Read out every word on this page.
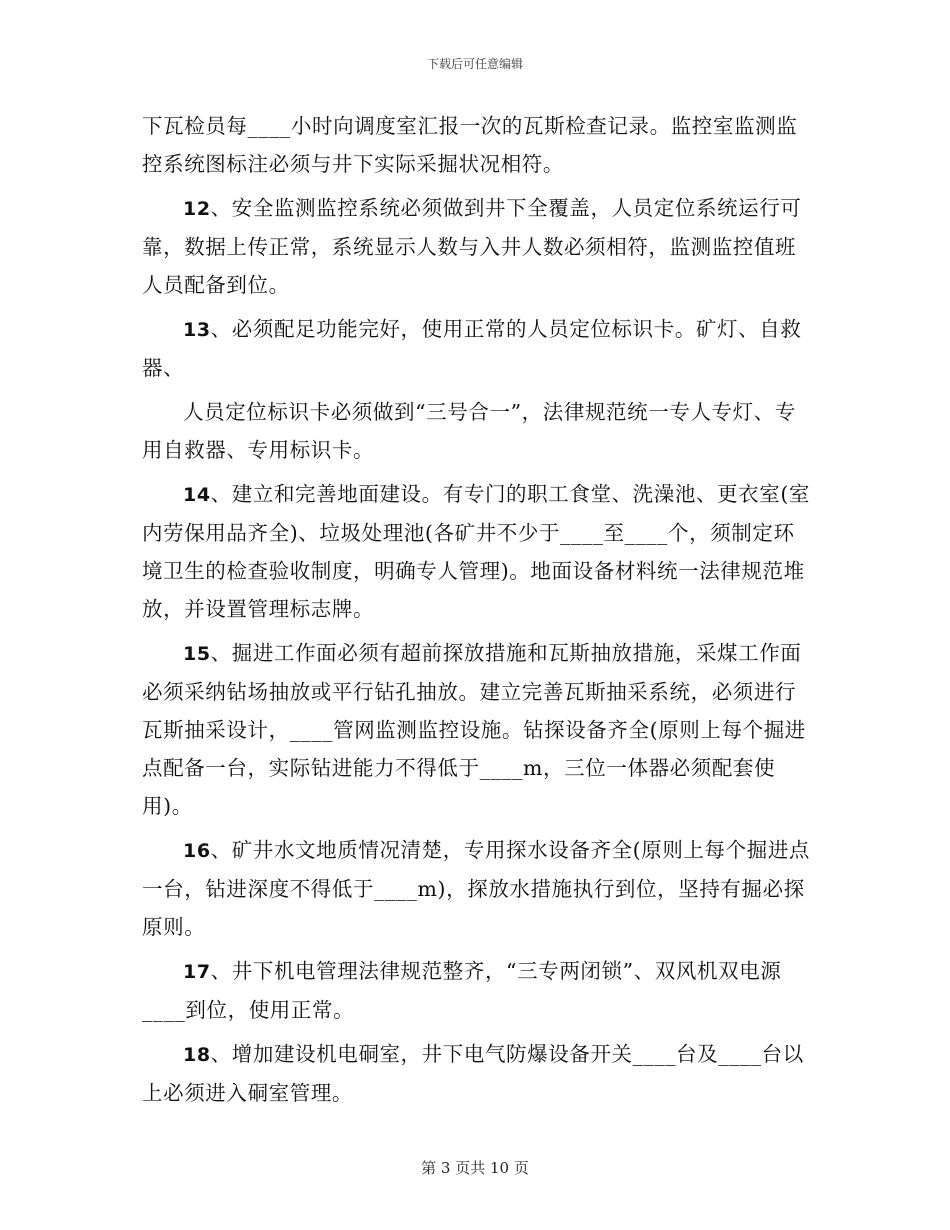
下载后可任意编辑

下瓦检员每____小时向调度室汇报一次的瓦斯检查记录。监控室监测监控系统图标注必须与井下实际采掘状况相符。

12、安全监测监控系统必须做到井下全覆盖，人员定位系统运行可靠，数据上传正常，系统显示人数与入井人数必须相符，监测监控值班人员配备到位。

13、必须配足功能完好，使用正常的人员定位标识卡。矿灯、自救器、

人员定位标识卡必须做到“三号合一”，法律规范统一专人专灯、专用自救器、专用标识卡。

14、建立和完善地面建设。有专门的职工食堂、洗澡池、更衣室(室内劳保用品齐全)、垃圾处理池(各矿井不少于____至____个，须制定环境卫生的检查验收制度，明确专人管理)。地面设备材料统一法律规范堆放，并设置管理标志牌。

15、掘进工作面必须有超前探放措施和瓦斯抽放措施，采煤工作面必须采纳钻场抽放或平行钻孔抽放。建立完善瓦斯抽采系统，必须进行瓦斯抽采设计，____管网监测监控设施。钻探设备齐全(原则上每个掘进点配备一台，实际钻进能力不得低于____m，三位一体器必须配套使用)。

16、矿井水文地质情况清楚，专用探水设备齐全(原则上每个掘进点一台，钻进深度不得低于____m)，探放水措施执行到位，坚持有掘必探原则。

17、井下机电管理法律规范整齐，“三专两闭锁”、双风机双电源____到位，使用正常。

18、增加建设机电硐室，井下电气防爆设备开关____台及____台以上必须进入硐室管理。

第 3 页共 10 页
